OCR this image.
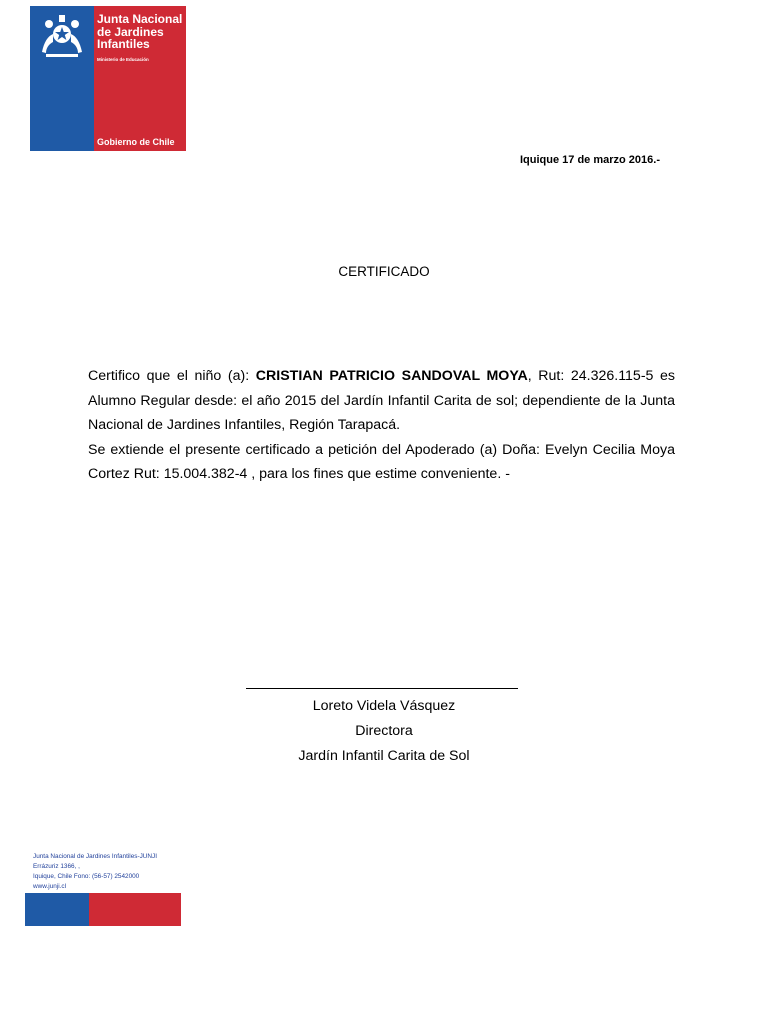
Junta Nacional
de Jardines
Infantiles
Ministerio de Educación
Gobierno de Chile
Iquique 17 de marzo 2016.-
CERTIFICADO

Certifico que el niño (a): CRISTIAN PATRICIO SANDOVAL MOYA, Rut: 24.326.115-5 es Alumno Regular desde: el año 2015 del Jardín Infantil Carita de sol; dependiente de la Junta Nacional de Jardines Infantiles, Región Tarapacá.

Se extiende el presente certificado a petición del Apoderado (a) Doña: Evelyn Cecilia Moya Cortez Rut: 15.004.382-4 , para los fines que estime conveniente. -

Loreto Videla Vásquez
Directora
Jardín Infantil Carita de Sol
Junta Nacional de Jardines Infantiles-JUNJI
Errázuriz 1366, ,
Iquique, Chile Fono: (56-57) 2542000
www.junji.cl
